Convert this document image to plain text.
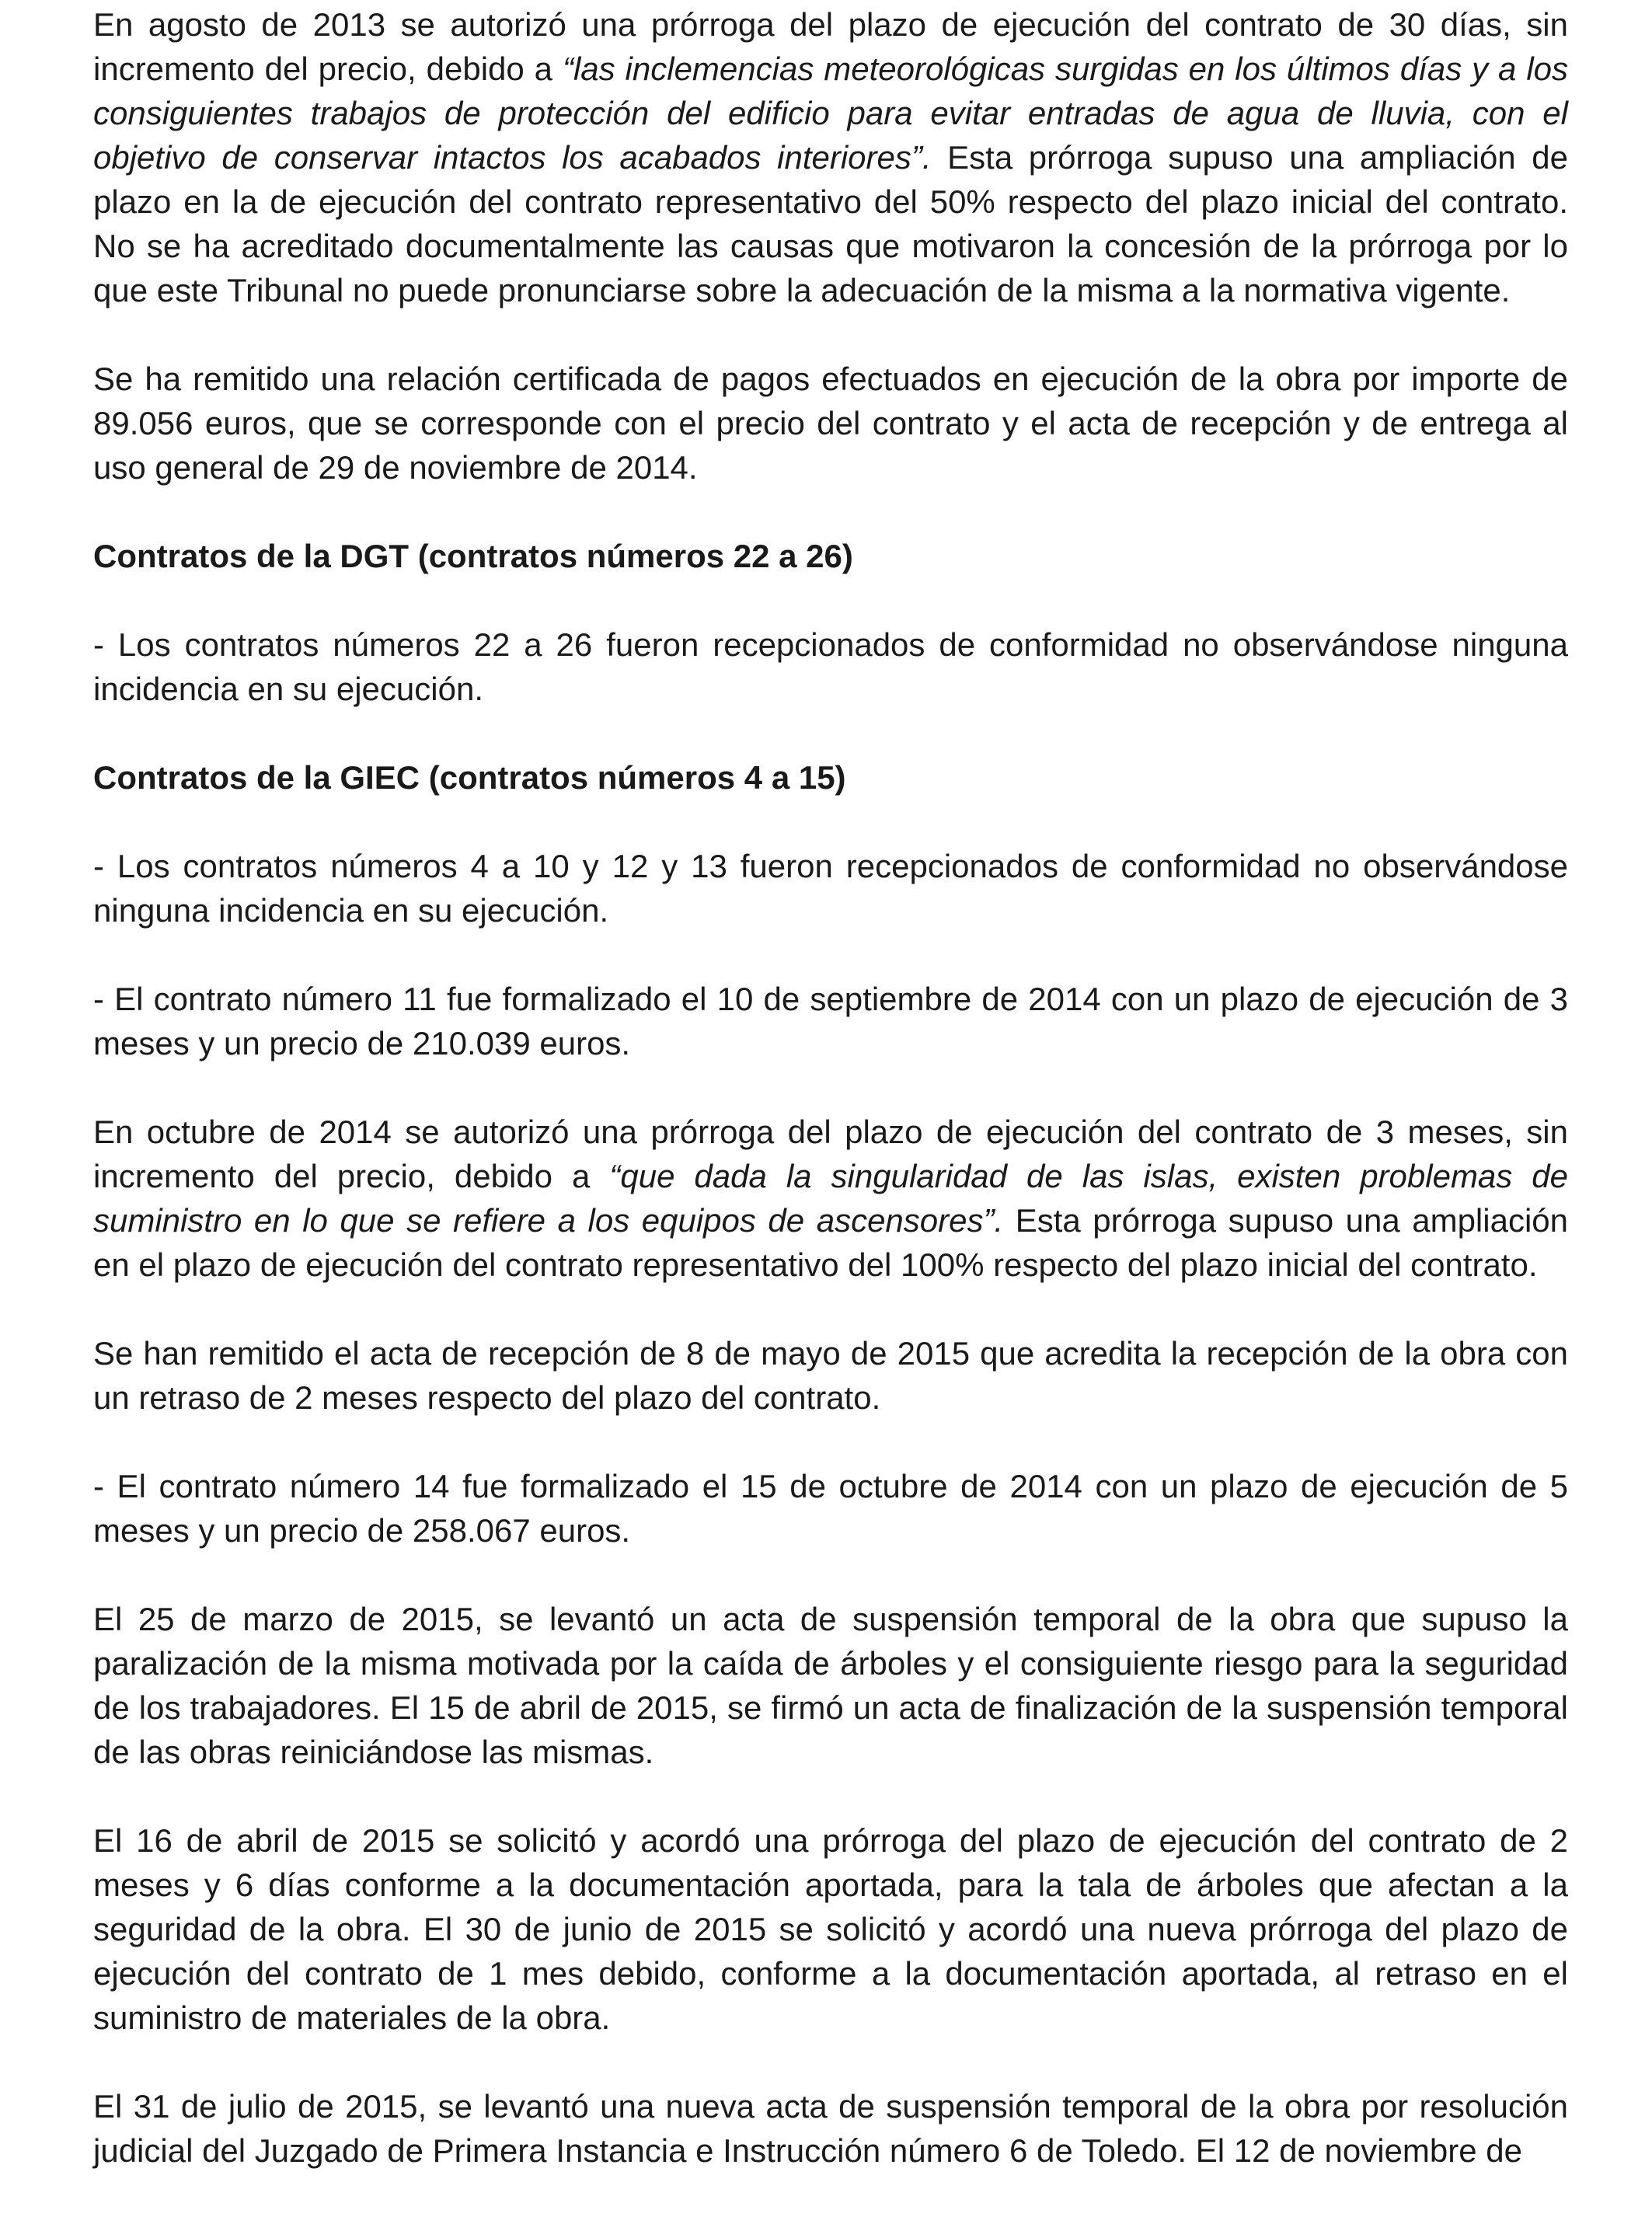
En agosto de 2013 se autorizó una prórroga del plazo de ejecución del contrato de 30 días, sin incremento del precio, debido a “las inclemencias meteorológicas surgidas en los últimos días y a los consiguientes trabajos de protección del edificio para evitar entradas de agua de lluvia, con el objetivo de conservar intactos los acabados interiores”. Esta prórroga supuso una ampliación de plazo en la de ejecución del contrato representativo del 50% respecto del plazo inicial del contrato. No se ha acreditado documentalmente las causas que motivaron la concesión de la prórroga por lo que este Tribunal no puede pronunciarse sobre la adecuación de la misma a la normativa vigente.

Se ha remitido una relación certificada de pagos efectuados en ejecución de la obra por importe de 89.056 euros, que se corresponde con el precio del contrato y el acta de recepción y de entrega al uso general de 29 de noviembre de 2014.

Contratos de la DGT (contratos números 22 a 26)

- Los contratos números 22 a 26 fueron recepcionados de conformidad no observándose ninguna incidencia en su ejecución.

Contratos de la GIEC (contratos números 4 a 15)

- Los contratos números 4 a 10 y 12 y 13 fueron recepcionados de conformidad no observándose ninguna incidencia en su ejecución.

- El contrato número 11 fue formalizado el 10 de septiembre de 2014 con un plazo de ejecución de 3 meses y un precio de 210.039 euros.

En octubre de 2014 se autorizó una prórroga del plazo de ejecución del contrato de 3 meses, sin incremento del precio, debido a “que dada la singularidad de las islas, existen problemas de suministro en lo que se refiere a los equipos de ascensores”. Esta prórroga supuso una ampliación en el plazo de ejecución del contrato representativo del 100% respecto del plazo inicial del contrato.

Se han remitido el acta de recepción de 8 de mayo de 2015 que acredita la recepción de la obra con un retraso de 2 meses respecto del plazo del contrato.

- El contrato número 14 fue formalizado el 15 de octubre de 2014 con un plazo de ejecución de 5 meses y un precio de 258.067 euros.

El 25 de marzo de 2015, se levantó un acta de suspensión temporal de la obra que supuso la paralización de la misma motivada por la caída de árboles y el consiguiente riesgo para la seguridad de los trabajadores. El 15 de abril de 2015, se firmó un acta de finalización de la suspensión temporal de las obras reiniciándose las mismas.

El 16 de abril de 2015 se solicitó y acordó una prórroga del plazo de ejecución del contrato de 2 meses y 6 días conforme a la documentación aportada, para la tala de árboles que afectan a la seguridad de la obra. El 30 de junio de 2015 se solicitó y acordó una nueva prórroga del plazo de ejecución del contrato de 1 mes debido, conforme a la documentación aportada, al retraso en el suministro de materiales de la obra.

El 31 de julio de 2015, se levantó una nueva acta de suspensión temporal de la obra por resolución judicial del Juzgado de Primera Instancia e Instrucción número 6 de Toledo. El 12 de noviembre de
